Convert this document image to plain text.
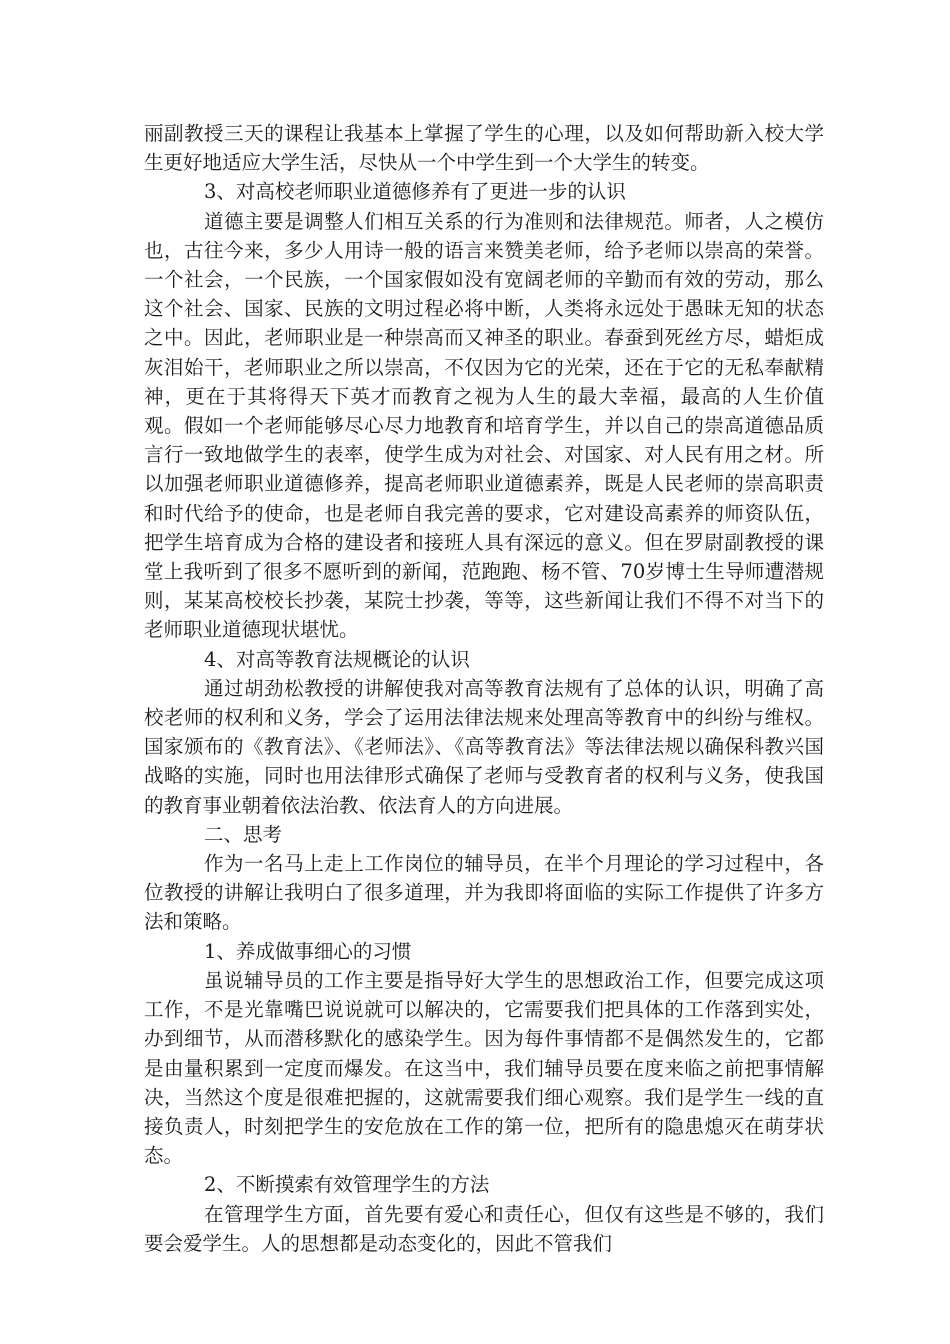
丽副教授三天的课程让我基本上掌握了学生的心理，以及如何帮助新入校大学生更好地适应大学生活，尽快从一个中学生到一个大学生的转变。

3、对高校老师职业道德修养有了更进一步的认识

道德主要是调整人们相互关系的行为准则和法律规范。师者，人之模仿也，古往今来，多少人用诗一般的语言来赞美老师，给予老师以崇高的荣誉。一个社会，一个民族，一个国家假如没有宽阔老师的辛勤而有效的劳动，那么这个社会、国家、民族的文明过程必将中断，人类将永远处于愚昧无知的状态之中。因此，老师职业是一种崇高而又神圣的职业。春蚕到死丝方尽，蜡炬成灰泪始干，老师职业之所以崇高，不仅因为它的光荣，还在于它的无私奉献精神，更在于其将得天下英才而教育之视为人生的最大幸福，最高的人生价值观。假如一个老师能够尽心尽力地教育和培育学生，并以自己的崇高道德品质言行一致地做学生的表率，使学生成为对社会、对国家、对人民有用之材。所以加强老师职业道德修养，提高老师职业道德素养，既是人民老师的崇高职责和时代给予的使命，也是老师自我完善的要求，它对建设高素养的师资队伍，把学生培育成为合格的建设者和接班人具有深远的意义。但在罗尉副教授的课堂上我听到了很多不愿听到的新闻，范跑跑、杨不管、70岁博士生导师遭潜规则，某某高校校长抄袭，某院士抄袭，等等，这些新闻让我们不得不对当下的老师职业道德现状堪忧。

4、对高等教育法规概论的认识

通过胡劲松教授的讲解使我对高等教育法规有了总体的认识，明确了高校老师的权利和义务，学会了运用法律法规来处理高等教育中的纠纷与维权。国家颁布的《教育法》、《老师法》、《高等教育法》等法律法规以确保科教兴国战略的实施，同时也用法律形式确保了老师与受教育者的权利与义务，使我国的教育事业朝着依法治教、依法育人的方向进展。

二、思考

作为一名马上走上工作岗位的辅导员，在半个月理论的学习过程中，各位教授的讲解让我明白了很多道理，并为我即将面临的实际工作提供了许多方法和策略。

1、养成做事细心的习惯

虽说辅导员的工作主要是指导好大学生的思想政治工作，但要完成这项工作，不是光靠嘴巴说说就可以解决的，它需要我们把具体的工作落到实处，办到细节，从而潜移默化的感染学生。因为每件事情都不是偶然发生的，它都是由量积累到一定度而爆发。在这当中，我们辅导员要在度来临之前把事情解决，当然这个度是很难把握的，这就需要我们细心观察。我们是学生一线的直接负责人，时刻把学生的安危放在工作的第一位，把所有的隐患熄灭在萌芽状态。

2、不断摸索有效管理学生的方法

在管理学生方面，首先要有爱心和责任心，但仅有这些是不够的，我们要会爱学生。人的思想都是动态变化的，因此不管我们
